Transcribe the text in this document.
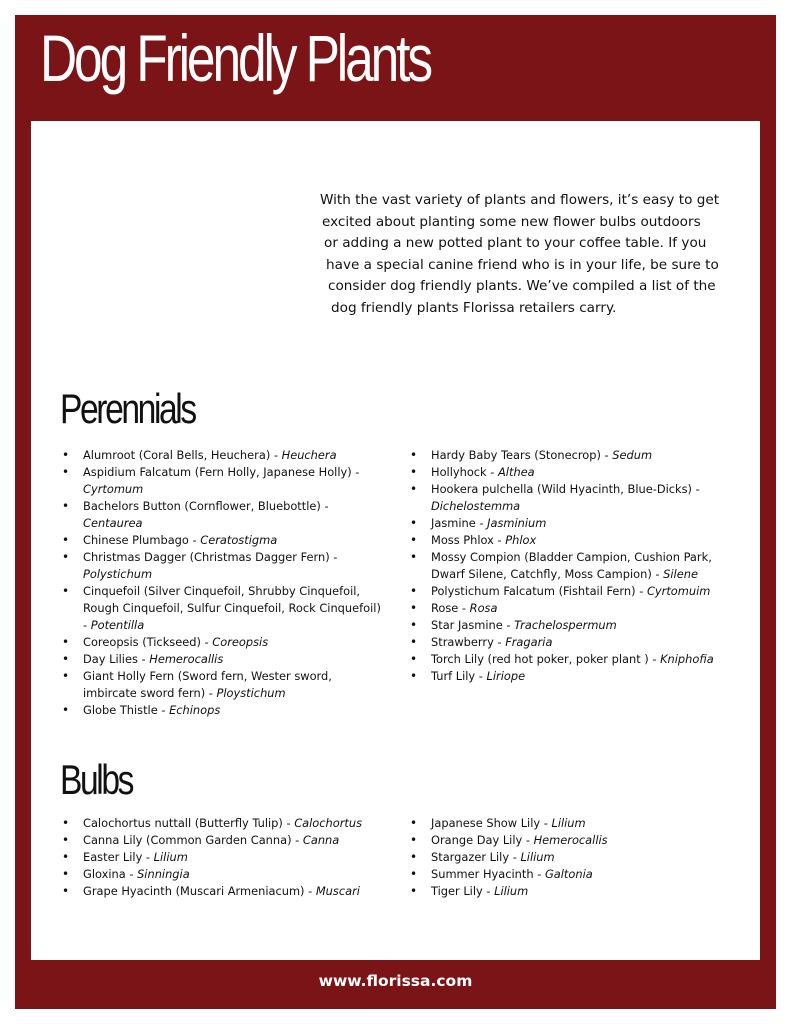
Dog Friendly Plants
With the vast variety of plants and flowers, it’s easy to get
excited about planting some new flower bulbs outdoors
or adding a new potted plant to your coffee table. If you
have a special canine friend who is in your life, be sure to
consider dog friendly plants. We’ve compiled a list of the
dog friendly plants Florissa retailers carry.
Perennials
• Alumroot (Coral Bells, Heuchera) - Heuchera
• Aspidium Falcatum (Fern Holly, Japanese Holly) - Cyrtomum
• Bachelors Button (Cornflower, Bluebottle) - Centaurea
• Chinese Plumbago - Ceratostigma
• Christmas Dagger (Christmas Dagger Fern) - Polystichum
• Cinquefoil (Silver Cinquefoil, Shrubby Cinquefoil, Rough Cinquefoil, Sulfur Cinquefoil, Rock Cinquefoil) - Potentilla
• Coreopsis (Tickseed) - Coreopsis
• Day Lilies - Hemerocallis
• Giant Holly Fern (Sword fern, Wester sword, imbircate sword fern) - Ploystichum
• Globe Thistle - Echinops
• Hardy Baby Tears (Stonecrop) - Sedum
• Hollyhock - Althea
• Hookera pulchella (Wild Hyacinth, Blue-Dicks) - Dichelostemma
• Jasmine - Jasminium
• Moss Phlox - Phlox
• Mossy Compion (Bladder Campion, Cushion Park, Dwarf Silene, Catchfly, Moss Campion) - Silene
• Polystichum Falcatum (Fishtail Fern) - Cyrtomuim
• Rose - Rosa
• Star Jasmine - Trachelospermum
• Strawberry - Fragaria
• Torch Lily (red hot poker, poker plant ) - Kniphofia
• Turf Lily - Liriope
Bulbs
• Calochortus nuttall (Butterfly Tulip) - Calochortus
• Canna Lily (Common Garden Canna) - Canna
• Easter Lily - Lilium
• Gloxina - Sinningia
• Grape Hyacinth (Muscari Armeniacum) - Muscari
• Japanese Show Lily - Lilium
• Orange Day Lily - Hemerocallis
• Stargazer Lily - Lilium
• Summer Hyacinth - Galtonia
• Tiger Lily - Lilium
www.florissa.com
